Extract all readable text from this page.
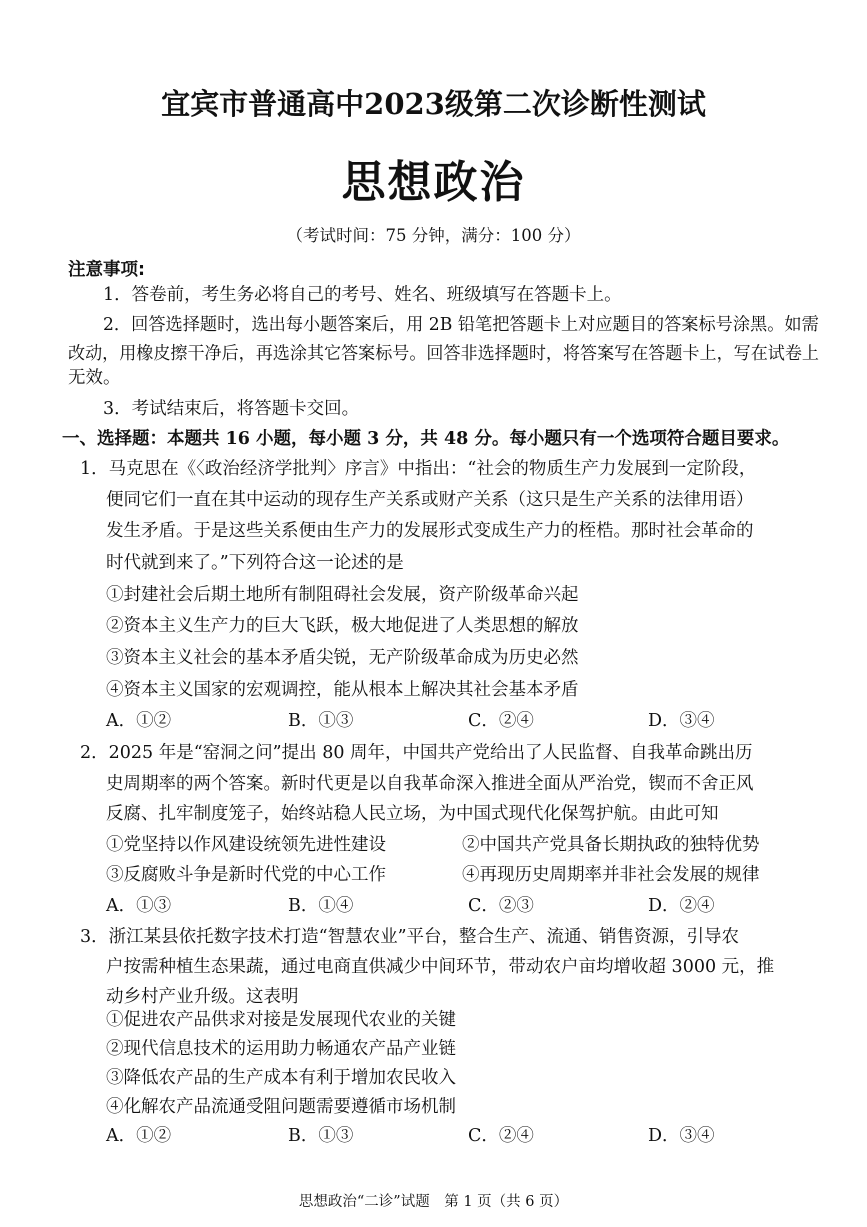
宜宾市普通高中2023级第二次诊断性测试
思想政治
（考试时间：75 分钟，满分：100 分）
注意事项:
1．答卷前，考生务必将自己的考号、姓名、班级填写在答题卡上。
2．回答选择题时，选出每小题答案后，用 2B 铅笔把答题卡上对应题目的答案标号涂黑。如需
改动，用橡皮擦干净后，再选涂其它答案标号。回答非选择题时，将答案写在答题卡上，写在试卷上
无效。
3．考试结束后，将答题卡交回。
一、选择题：本题共 16 小题，每小题 3 分，共 48 分。每小题只有一个选项符合题目要求。
1．马克思在《〈政治经济学批判〉序言》中指出：“社会的物质生产力发展到一定阶段，
便同它们一直在其中运动的现存生产关系或财产关系（这只是生产关系的法律用语）
发生矛盾。于是这些关系便由生产力的发展形式变成生产力的桎梏。那时社会革命的
时代就到来了。”下列符合这一论述的是
①封建社会后期土地所有制阻碍社会发展，资产阶级革命兴起
②资本主义生产力的巨大飞跃，极大地促进了人类思想的解放
③资本主义社会的基本矛盾尖锐，无产阶级革命成为历史必然
④资本主义国家的宏观调控，能从根本上解决其社会基本矛盾
A．①②	B．①③	C．②④	D．③④
2．2025 年是“窑洞之问”提出 80 周年，中国共产党给出了人民监督、自我革命跳出历
史周期率的两个答案。新时代更是以自我革命深入推进全面从严治党，锲而不舍正风
反腐、扎牢制度笼子，始终站稳人民立场，为中国式现代化保驾护航。由此可知
①党坚持以作风建设统领先进性建设	②中国共产党具备长期执政的独特优势
③反腐败斗争是新时代党的中心工作	④再现历史周期率并非社会发展的规律
A．①③	B．①④	C．②③	D．②④
3．浙江某县依托数字技术打造“智慧农业”平台，整合生产、流通、销售资源，引导农
户按需种植生态果蔬，通过电商直供减少中间环节，带动农户亩均增收超 3000 元，推
动乡村产业升级。这表明
①促进农产品供求对接是发展现代农业的关键
②现代信息技术的运用助力畅通农产品产业链
③降低农产品的生产成本有利于增加农民收入
④化解农产品流通受阻问题需要遵循市场机制
A．①②	B．①③	C．②④	D．③④
思想政治“二诊”试题　第 1 页（共 6 页）
